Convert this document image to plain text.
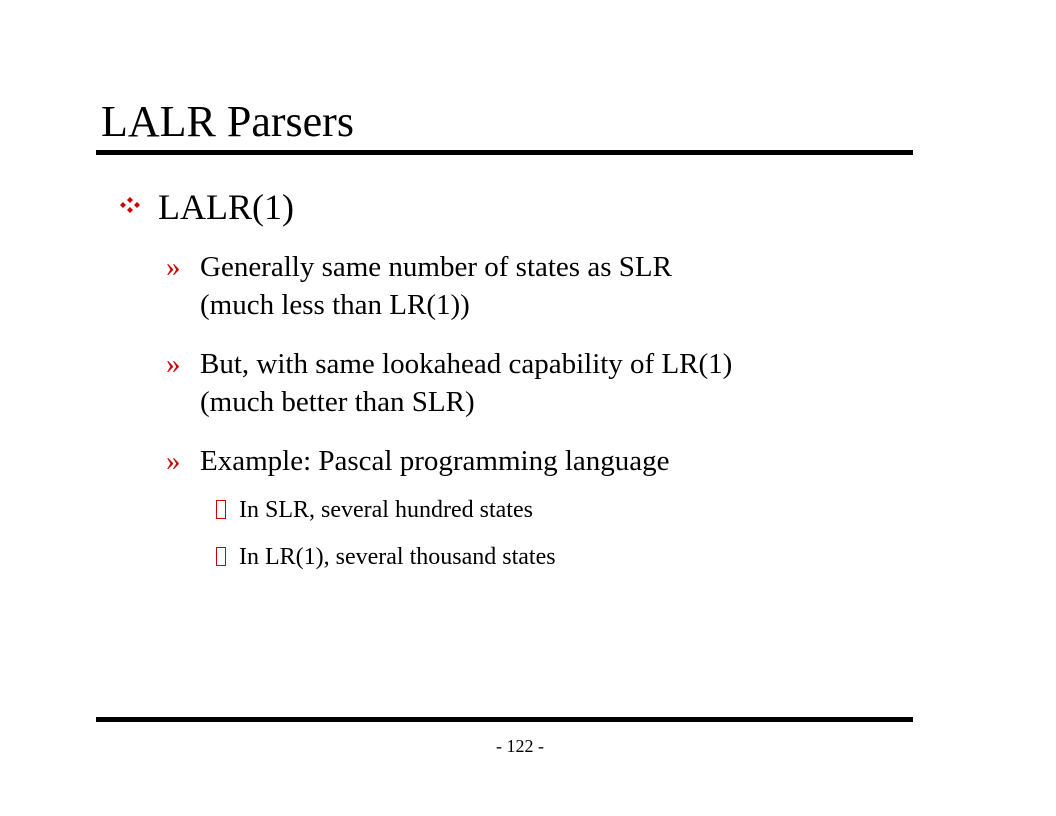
LALR Parsers
LALR(1)
» Generally same number of states as SLR
(much less than LR(1))
» But, with same lookahead capability of LR(1)
(much better than SLR)
» Example: Pascal programming language
In SLR, several hundred states
In LR(1), several thousand states
- 122 -
